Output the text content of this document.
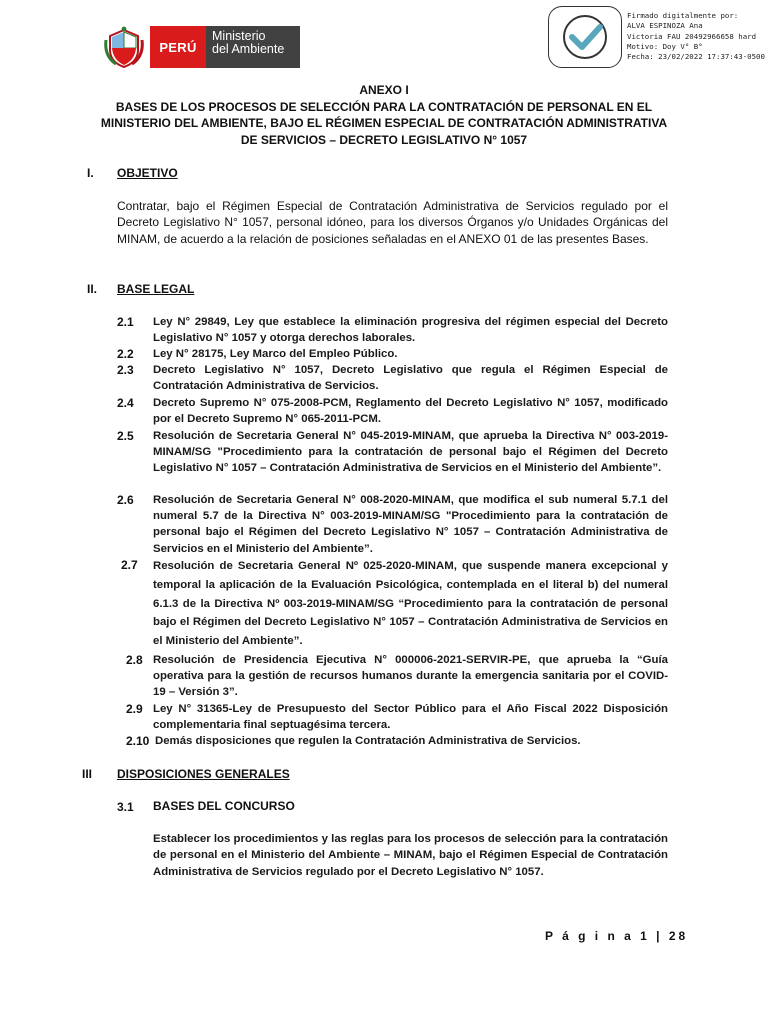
PERÚ
Ministerio
del Ambiente
Firmado digitalmente por:
ALVA ESPINOZA Ana
Victoria FAU 20492966658 hard
Motivo: Doy V° B°
Fecha: 23/02/2022 17:37:43-0500
ANEXO I
BASES DE LOS PROCESOS DE SELECCIÓN PARA LA CONTRATACIÓN DE PERSONAL EN EL
MINISTERIO DEL AMBIENTE, BAJO EL RÉGIMEN ESPECIAL DE CONTRATACIÓN ADMINISTRATIVA
DE SERVICIOS – DECRETO LEGISLATIVO N° 1057
I. OBJETIVO
Contratar, bajo el Régimen Especial de Contratación Administrativa de Servicios regulado por el Decreto Legislativo N° 1057, personal idóneo, para los diversos Órganos y/o Unidades Orgánicas del MINAM, de acuerdo a la relación de posiciones señaladas en el ANEXO 01 de las presentes Bases.
II. BASE LEGAL
2.1	Ley N° 29849, Ley que establece la eliminación progresiva del régimen especial del Decreto Legislativo N° 1057 y otorga derechos laborales.
2.2	Ley N° 28175, Ley Marco del Empleo Público.
2.3	Decreto Legislativo N° 1057, Decreto Legislativo que regula el Régimen Especial de Contratación Administrativa de Servicios.
2.4	Decreto Supremo N° 075-2008-PCM, Reglamento del Decreto Legislativo N° 1057, modificado por el Decreto Supremo N° 065-2011-PCM.
2.5	Resolución de Secretaria General N° 045-2019-MINAM, que aprueba la Directiva N° 003-2019-MINAM/SG "Procedimiento para la contratación de personal bajo el Régimen del Decreto Legislativo N° 1057 – Contratación Administrativa de Servicios en el Ministerio del Ambiente”.
2.6	Resolución de Secretaria General N° 008-2020-MINAM, que modifica el sub numeral 5.7.1 del numeral 5.7 de la Directiva N° 003-2019-MINAM/SG "Procedimiento para la contratación de personal bajo el Régimen del Decreto Legislativo N° 1057 – Contratación Administrativa de Servicios en el Ministerio del Ambiente”.
2.7	Resolución de Secretaria General Nº 025-2020-MINAM, que suspende manera excepcional y temporal la aplicación de la Evaluación Psicológica, contemplada en el literal b) del numeral 6.1.3 de la Directiva Nº 003-2019-MINAM/SG “Procedimiento para la contratación de personal bajo el Régimen del Decreto Legislativo N° 1057 – Contratación Administrativa de Servicios en el Ministerio del Ambiente”.
2.8 Resolución de Presidencia Ejecutiva N° 000006-2021-SERVIR-PE, que aprueba la “Guía operativa para la gestión de recursos humanos durante la emergencia sanitaria por el COVID-19 – Versión 3”.
2.9 Ley N° 31365-Ley de Presupuesto del Sector Público para el Año Fiscal 2022 Disposición complementaria final septuagésima tercera.
2.10 Demás disposiciones que regulen la Contratación Administrativa de Servicios.
III DISPOSICIONES GENERALES
3.1	BASES DEL CONCURSO
Establecer los procedimientos y las reglas para los procesos de selección para la contratación de personal en el Ministerio del Ambiente – MINAM, bajo el Régimen Especial de Contratación Administrativa de Servicios regulado por el Decreto Legislativo N° 1057.
P á g i n a 1 | 28
